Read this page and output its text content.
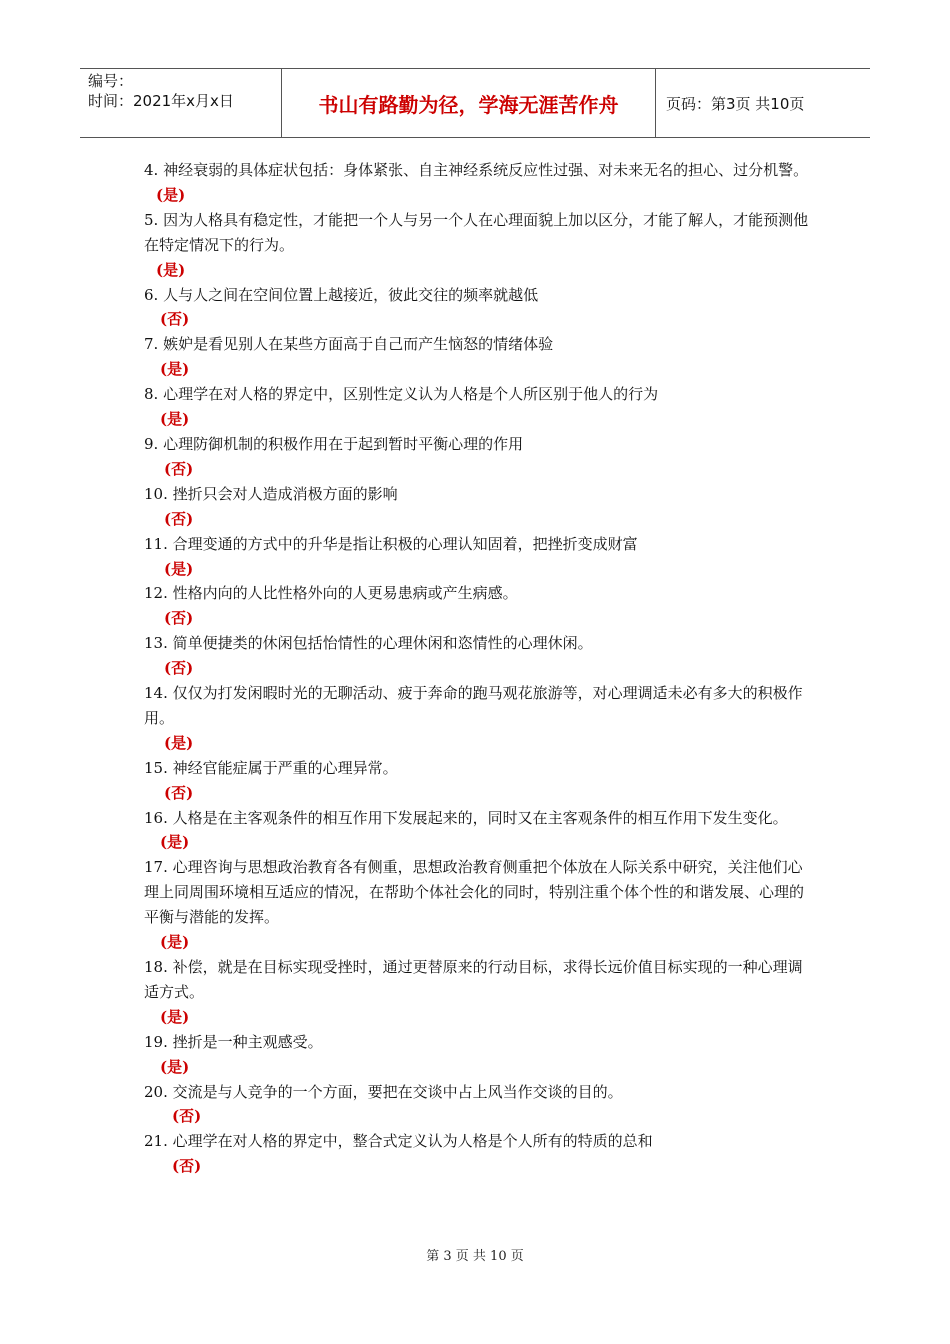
编号：
时间：2021年x月x日	书山有路勤为径，学海无涯苦作舟	页码：第3页 共10页

4. 神经衰弱的具体症状包括：身体紧张、自主神经系统反应性过强、对未来无名的担心、过分机警。

(是)

5. 因为人格具有稳定性，才能把一个人与另一个人在心理面貌上加以区分，才能了解人，才能预测他在特定情况下的行为。

(是)

6. 人与人之间在空间位置上越接近，彼此交往的频率就越低

(否)

7. 嫉妒是看见别人在某些方面高于自己而产生恼怒的情绪体验

(是)

8. 心理学在对人格的界定中，区别性定义认为人格是个人所区别于他人的行为

(是)

9. 心理防御机制的积极作用在于起到暂时平衡心理的作用

(否)

10. 挫折只会对人造成消极方面的影响

(否)

11. 合理变通的方式中的升华是指让积极的心理认知固着，把挫折变成财富

(是)

12. 性格内向的人比性格外向的人更易患病或产生病感。

(否)

13. 简单便捷类的休闲包括怡情性的心理休闲和恣情性的心理休闲。

(否)

14. 仅仅为打发闲暇时光的无聊活动、疲于奔命的跑马观花旅游等，对心理调适未必有多大的积极作用。

(是)

15. 神经官能症属于严重的心理异常。

(否)

16. 人格是在主客观条件的相互作用下发展起来的，同时又在主客观条件的相互作用下发生变化。

(是)

17. 心理咨询与思想政治教育各有侧重，思想政治教育侧重把个体放在人际关系中研究，关注他们心理上同周围环境相互适应的情况，在帮助个体社会化的同时，特别注重个体个性的和谐发展、心理的平衡与潜能的发挥。

(是)

18. 补偿，就是在目标实现受挫时，通过更替原来的行动目标，求得长远价值目标实现的一种心理调适方式。

(是)

19. 挫折是一种主观感受。

(是)

20. 交流是与人竞争的一个方面，要把在交谈中占上风当作交谈的目的。

(否)

21. 心理学在对人格的界定中，整合式定义认为人格是个人所有的特质的总和

(否)

第 3 页 共 10 页
